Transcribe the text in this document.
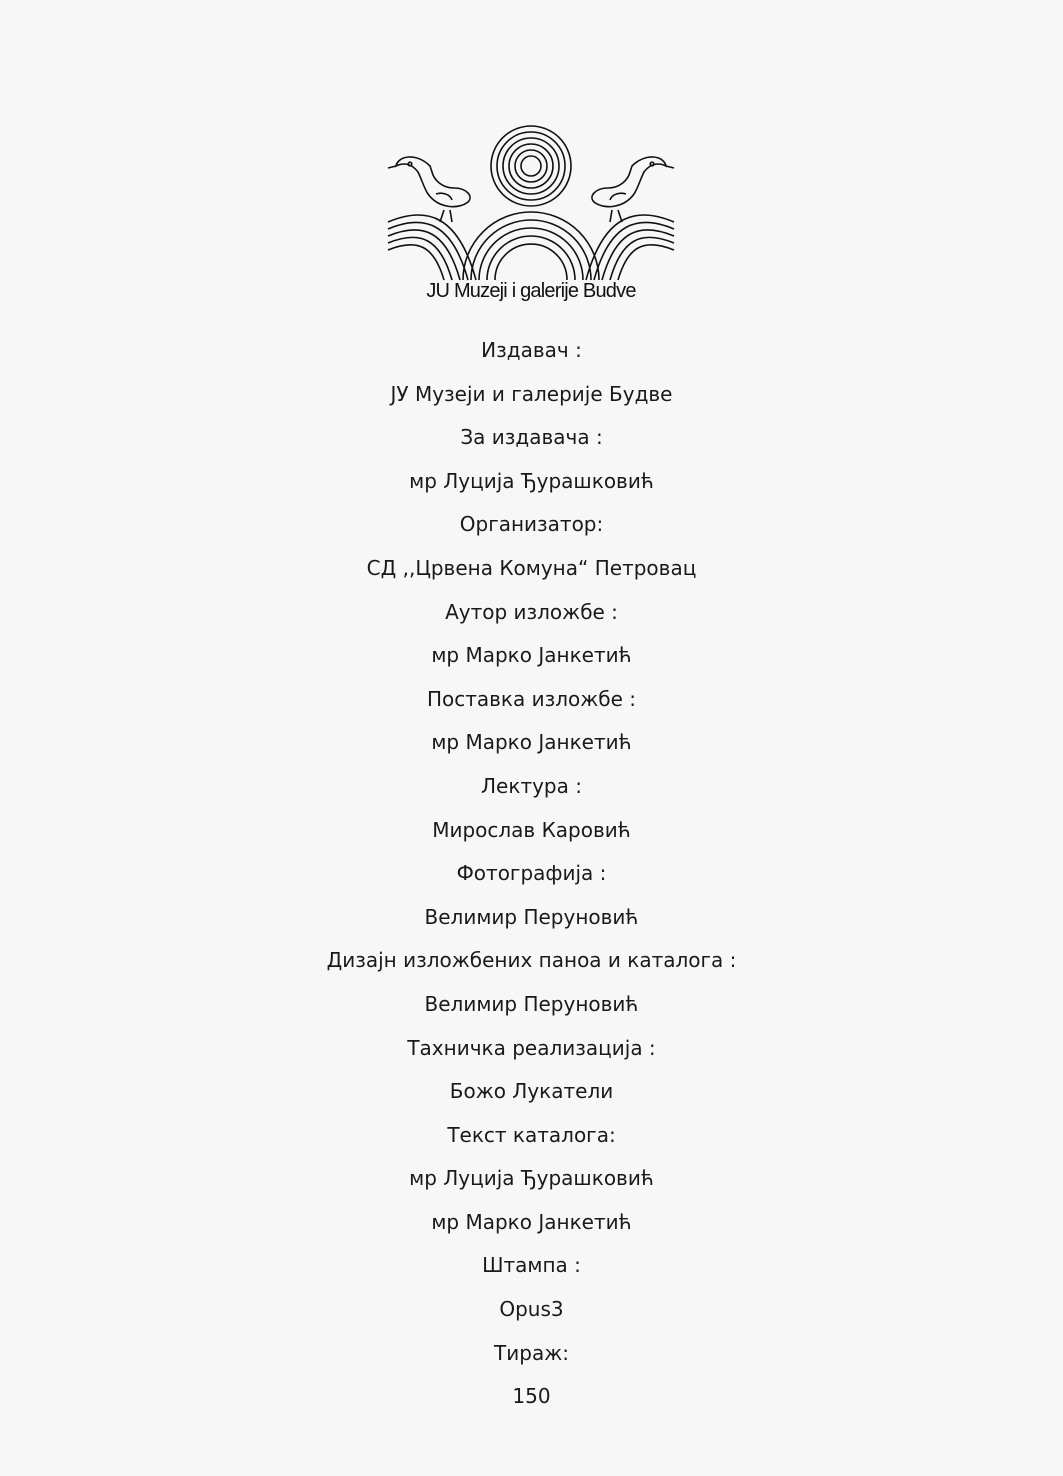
JU Muzeji i galerije Budve
Издавач :
ЈУ Музеји и галерије Будве
За издавача :
мр Луција Ђурашковић
Организатор:
СД ,,Црвена Комуна“ Петровац
Аутор изложбе :
мр Марко Јанкетић
Поставка изложбе :
мр Марко Јанкетић
Лектура :
Мирослав Каровић
Фотографија :
Велимир Перуновић
Дизајн изложбених паноа и каталога :
Велимир Перуновић
Тахничка реализација :
Божо Лукатели
Текст каталога:
мр Луција Ђурашковић
мр Марко Јанкетић
Штампа :
Opus3
Тираж:
150
